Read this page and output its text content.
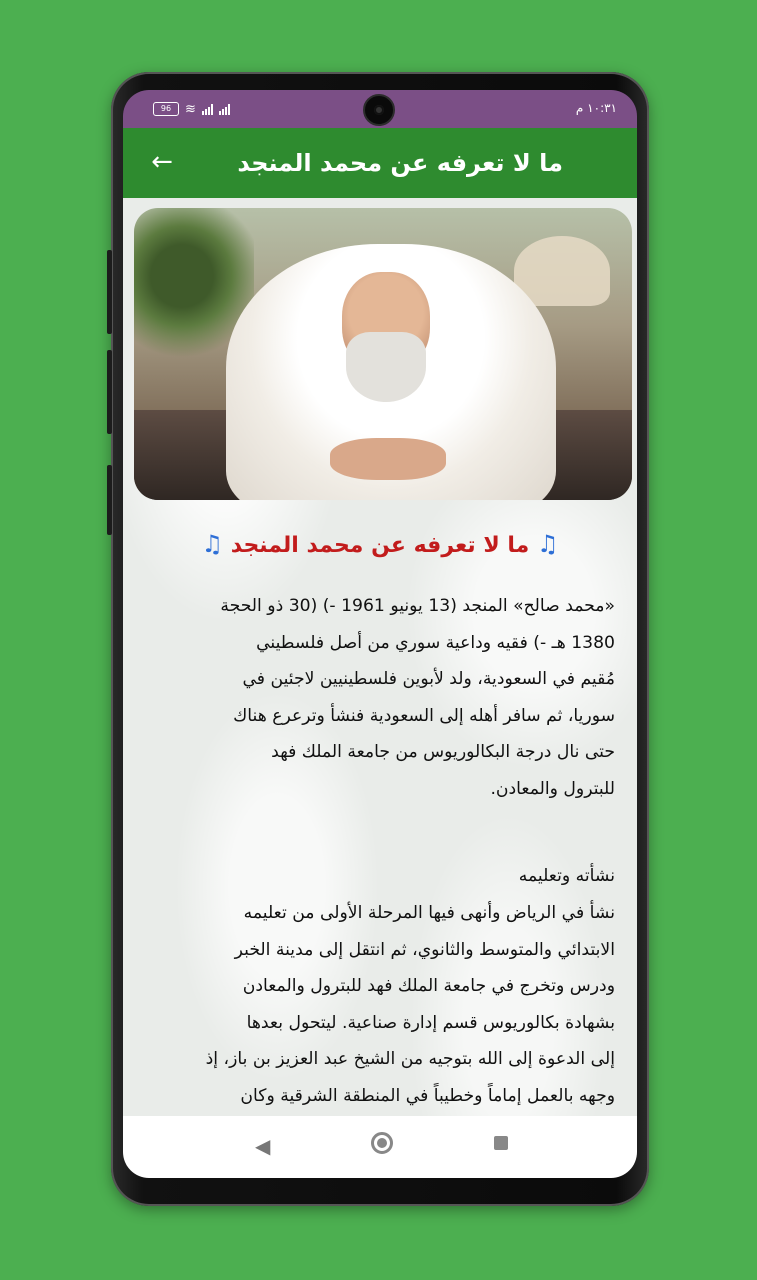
96	≋	١٠:٣١ م
←	ما لا تعرفه عن محمد المنجد
♫ ما لا تعرفه عن محمد المنجد ♫
«محمد صالح» المنجد (13 يونيو 1961 -) (30 ذو الحجة
1380 هـ -) فقيه وداعية سوري من أصل فلسطيني
مُقيم في السعودية، ولد لأبوين فلسطينيين لاجئين في
سوريا، ثم سافر أهله إلى السعودية فنشأ وترعرع هناك
حتى نال درجة البكالوريوس من جامعة الملك فهد
للبترول والمعادن.
نشأته وتعليمه
نشأ في الرياض وأنهى فيها المرحلة الأولى من تعليمه
الابتدائي والمتوسط والثانوي، ثم انتقل إلى مدينة الخبر
ودرس وتخرج في جامعة الملك فهد للبترول والمعادن
بشهادة بكالوريوس قسم إدارة صناعية. ليتحول بعدها
إلى الدعوة إلى الله بتوجيه من الشيخ عبد العزيز بن باز، إذ
وجهه بالعمل إماماً وخطيباً في المنطقة الشرقية وكان
◀
